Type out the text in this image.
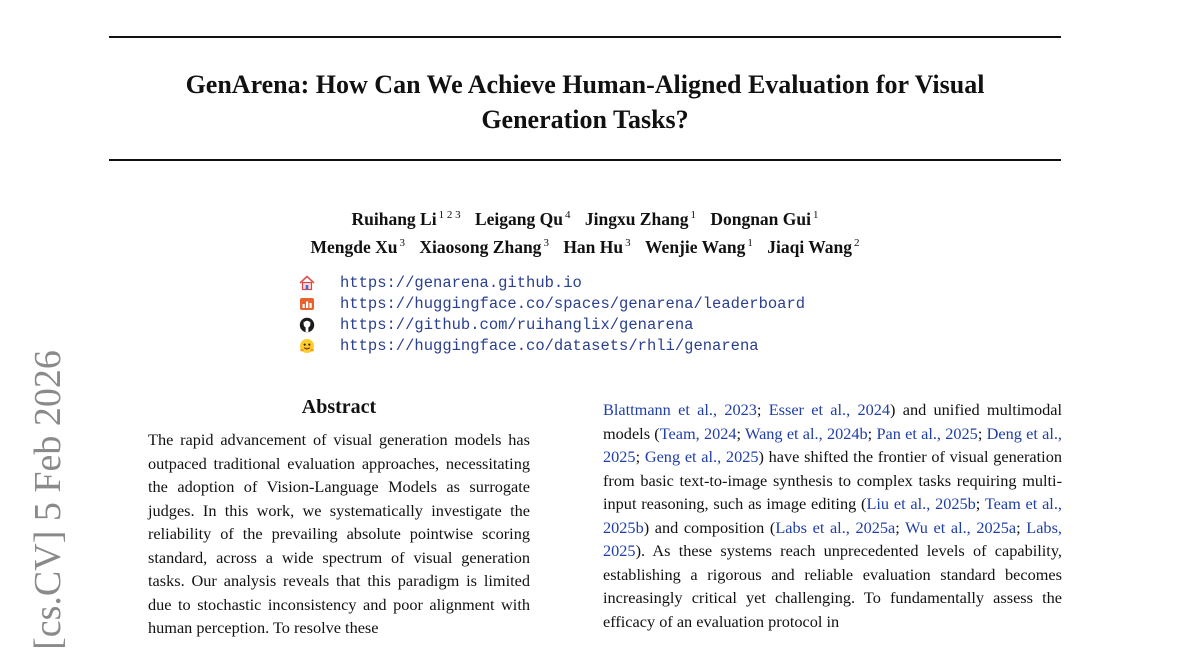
GenArena: How Can We Achieve Human-Aligned Evaluation for Visual
Generation Tasks?
Ruihang Li $^{1 2 3}$ Leigang Qu $^4$ Jingxu Zhang $^1$ Dongnan Gui $^1$
Mengde Xu $^3$ Xiaosong Zhang $^3$ Han Hu $^3$ Wenjie Wang $^1$ Jiaqi Wang $^2$
https://genarena.github.io
https://huggingface.co/spaces/genarena/leaderboard
https://github.com/ruihanglix/genarena
https://huggingface.co/datasets/rhli/genarena
[cs.CV] 5 Feb 2026	Abstract
The rapid advancement of visual generation models has outpaced traditional evaluation approaches, necessitating the adoption of Vision-Language Models as surrogate judges. In this work, we systematically investigate the reliability of the prevailing absolute pointwise scoring standard, across a wide spectrum of visual generation tasks. Our analysis reveals that this paradigm is limited due to stochastic inconsistency and poor alignment with human perception. To resolve these
Blattmann et al., 2023; Esser et al., 2024) and unified multimodal models (Team, 2024; Wang et al., 2024b; Pan et al., 2025; Deng et al., 2025; Geng et al., 2025) have shifted the frontier of visual generation from basic text-to-image synthesis to complex tasks requiring multi-input reasoning, such as image editing (Liu et al., 2025b; Team et al., 2025b) and composition (Labs et al., 2025a; Wu et al., 2025a; Labs, 2025). As these systems reach unprecedented levels of capability, establishing a rigorous and reliable evaluation standard becomes increasingly critical yet challenging. To fundamentally assess the efficacy of an evaluation protocol in
